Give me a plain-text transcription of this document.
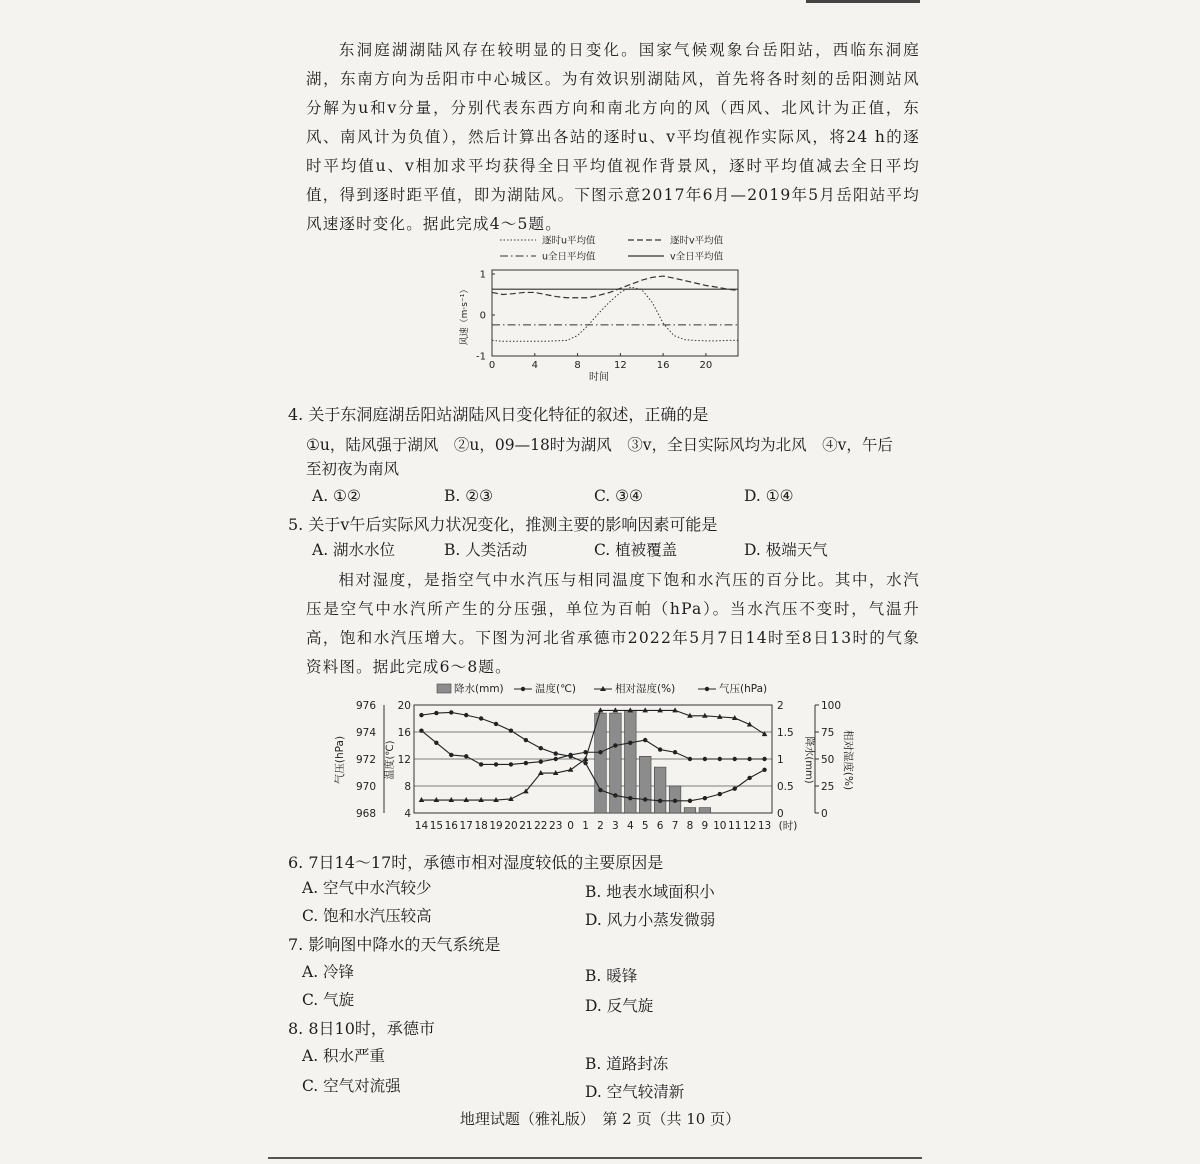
东洞庭湖湖陆风存在较明显的日变化。国家气候观象台岳阳站，西临东洞庭湖，东南方向为岳阳市中心城区。为有效识别湖陆风，首先将各时刻的岳阳测站风分解为u和v分量，分别代表东西方向和南北方向的风（西风、北风计为正值，东风、南风计为负值），然后计算出各站的逐时u、v平均值视作实际风，将24 h的逐时平均值u、v相加求平均获得全日平均值视作背景风，逐时平均值减去全日平均值，得到逐时距平值，即为湖陆风。下图示意2017年6月—2019年5月岳阳站平均风速逐时变化。据此完成4～5题。

逐时u平均值	逐时v平均值
u全日平均值	v全日平均值
-1
0
1
0	4	8	12	16	20
时间
风速（m·s⁻¹）

4. 关于东洞庭湖岳阳站湖陆风日变化特征的叙述，正确的是

①u，陆风强于湖风　②u，09—18时为湖风　③v，全日实际风均为北风　④v，午后

至初夜为南风

A. ①②	B. ②③	C. ③④	D. ①④

5. 关于v午后实际风力状况变化，推测主要的影响因素可能是

A. 湖水水位	B. 人类活动	C. 植被覆盖	D. 极端天气

相对湿度，是指空气中水汽压与相同温度下饱和水汽压的百分比。其中，水汽压是空气中水汽所产生的分压强，单位为百帕（hPa）。当水汽压不变时，气温升高，饱和水汽压增大。下图为河北省承德市2022年5月7日14时至8日13时的气象资料图。据此完成6～8题。

968
970
972
974
976
4
8
12
16
20
气压(hPa)	温度(℃)
0
0.5
1
1.5
2
0
25
50
75
100
降水(mm)	相对湿度(%)
14 15 16 17 18 19 20 21 22 23 0 1 2 3 4 5 6 7 8 9 10 11 12 13 (时)
降水(mm)	温度(℃)	相对湿度(%)	气压(hPa)

6. 7日14～17时，承德市相对湿度较低的主要原因是

A. 空气中水汽较少	B. 地表水域面积小
C. 饱和水汽压较高	D. 风力小蒸发微弱

7. 影响图中降水的天气系统是

A. 冷锋	B. 暖锋
C. 气旋	D. 反气旋

8. 8日10时，承德市

A. 积水严重	B. 道路封冻
C. 空气对流强	D. 空气较清新
地理试题（雅礼版）　第 2 页（共 10 页）
